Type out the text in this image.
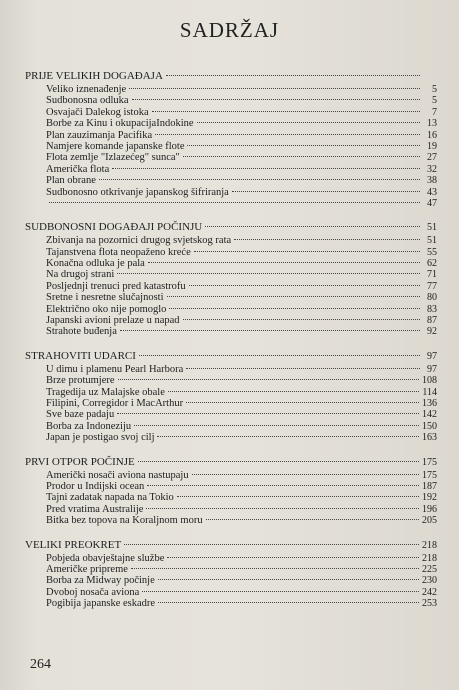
SADRŽAJ
PRIJE VELIKIH DOGAĐAJA
Veliko iznenađenje	5
Sudbonosna odluka	5
Osvajači Dalekog istoka	7
Borbe za Kinu i okupacijaIndokine	13
Plan zauzimanja Pacifika	16
Namjere komande japanske flote	19
Flota zemlje "Izlazećeg" sunca"	27
Američka flota	32
Plan obrane	38
Sudbonosno otkrivanje japanskog šifriranja	43
47
SUDBONOSNI DOGAĐAJI POČINJU	51
Zbivanja na pozornici drugog svjetskog rata	51
Tajanstvena flota neopaženo kreće	55
Konačna odluka je pala	62
Na drugoj strani	71
Posljednji trenuci pred katastrofu	77
Sretne i nesretne slučajnosti	80
Električno oko nije pomoglo	83
Japanski avioni prelaze u napad	87
Strahote buđenja	92
STRAHOVITI UDARCI	97
U dimu i plamenu Pearl Harbora	97
Brze protumjere	108
Tragedija uz Malajske obale	114
Filipini, Corregidor i MacArthur	136
Sve baze padaju	142
Borba za Indoneziju	150
Japan je postigao svoj cilj	163
PRVI OTPOR POČINJE	175
Američki nosači aviona nastupaju	175
Prodor u Indijski ocean	187
Tajni zadatak napada na Tokio	192
Pred vratima Australije	196
Bitka bez topova na Koraljnom moru	205
VELIKI PREOKRET	218
Pobjeda obavještajne službe	218
Američke pripreme	225
Borba za Midway počinje	230
Dvoboj nosača aviona	242
Pogibija japanske eskadre	253
264
